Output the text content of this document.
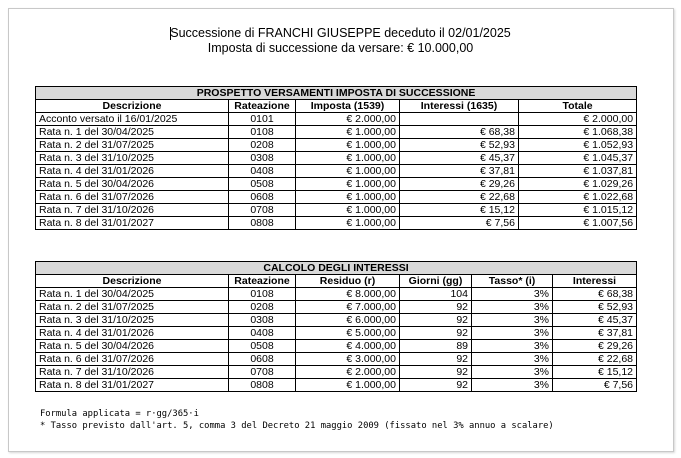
Successione di FRANCHI GIUSEPPE deceduto il 02/01/2025
Imposta di successione da versare: € 10.000,00
PROSPETTO VERSAMENTI IMPOSTA DI SUCCESSIONE				
Descrizione	Rateazione	Imposta (1539)	Interessi (1635)	Totale
Acconto versato il 16/01/2025	0101	€ 2.000,00		€ 2.000,00
Rata n. 1 del 30/04/2025	0108	€ 1.000,00	€ 68,38	€ 1.068,38
Rata n. 2 del 31/07/2025	0208	€ 1.000,00	€ 52,93	€ 1.052,93
Rata n. 3 del 31/10/2025	0308	€ 1.000,00	€ 45,37	€ 1.045,37
Rata n. 4 del 31/01/2026	0408	€ 1.000,00	€ 37,81	€ 1.037,81
Rata n. 5 del 30/04/2026	0508	€ 1.000,00	€ 29,26	€ 1.029,26
Rata n. 6 del 31/07/2026	0608	€ 1.000,00	€ 22,68	€ 1.022,68
Rata n. 7 del 31/10/2026	0708	€ 1.000,00	€ 15,12	€ 1.015,12
Rata n. 8 del 31/01/2027	0808	€ 1.000,00	€ 7,56	€ 1.007,56
CALCOLO DEGLI INTERESSI					
Descrizione	Rateazione	Residuo (r)	Giorni (gg)	Tasso* (i)	Interessi
Rata n. 1 del 30/04/2025	0108	€ 8.000,00	104	3%	€ 68,38
Rata n. 2 del 31/07/2025	0208	€ 7.000,00	92	3%	€ 52,93
Rata n. 3 del 31/10/2025	0308	€ 6.000,00	92	3%	€ 45,37
Rata n. 4 del 31/01/2026	0408	€ 5.000,00	92	3%	€ 37,81
Rata n. 5 del 30/04/2026	0508	€ 4.000,00	89	3%	€ 29,26
Rata n. 6 del 31/07/2026	0608	€ 3.000,00	92	3%	€ 22,68
Rata n. 7 del 31/10/2026	0708	€ 2.000,00	92	3%	€ 15,12
Rata n. 8 del 31/01/2027	0808	€ 1.000,00	92	3%	€ 7,56
Formula applicata = r·gg/365·i
* Tasso previsto dall'art. 5, comma 3 del Decreto 21 maggio 2009 (fissato nel 3% annuo a scalare)
